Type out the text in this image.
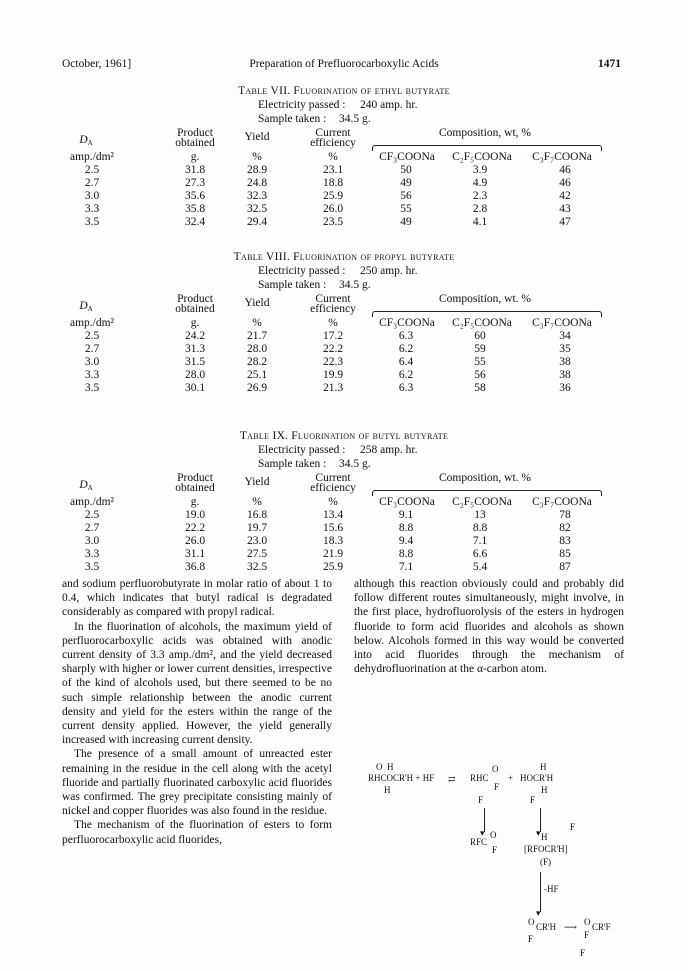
October, 1961]	Preparation of Prefluorocarboxylic Acids	1471
Table VII. Fluorination of ethyl butyrate
Electricity passed : 240 amp. hr.
Sample taken : 34.5 g.
$D_A$
Product
obtained	Yield	Current
efficiency
Composition, wt, %
amp./dm²	g.	%	%	CF₃COONa	C₂F₅COONa	C₃F₇COONa
2.5	31.8	28.9	23.1	50	3.9	46
2.7	27.3	24.8	18.8	49	4.9	46
3.0	35.6	32.3	25.9	56	2.3	42
3.3	35.8	32.5	26.0	55	2.8	43
3.5	32.4	29.4	23.5	49	4.1	47
Table VIII. Fluorination of propyl butyrate
Electricity passed : 250 amp. hr.
Sample taken : 34.5 g.
$D_A$
Product
obtained	Yield	Current
efficiency
Composition, wt. %
amp./dm²	g.	%	%	CF₃COONa	C₂F₅COONa	C₃F₇COONa
2.5	24.2	21.7	17.2	6.3	60	34
2.7	31.3	28.0	22.2	6.2	59	35
3.0	31.5	28.2	22.3	6.4	55	38
3.3	28.0	25.1	19.9	6.2	56	38
3.5	30.1	26.9	21.3	6.3	58	36
Table IX. Fluorination of butyl butyrate
Electricity passed : 258 amp. hr.
Sample taken : 34.5 g.
$D_A$
Product
obtained	Yield	Current
efficiency
Composition, wt. %
amp./dm²	g.	%	%	CF₃COONa	C₂F₅COONa	C₃F₇COONa
2.5	19.0	16.8	13.4	9.1	13	78
2.7	22.2	19.7	15.6	8.8	8.8	82
3.0	26.0	23.0	18.3	9.4	7.1	83
3.3	31.1	27.5	21.9	8.8	6.6	85
3.5	36.8	32.5	25.9	7.1	5.4	87

and sodium perfluorobutyrate in molar ratio of about 1 to 0.4, which indicates that butyl radical is degradated considerably as compared with propyl radical.

In the fluorination of alcohols, the maximum yield of perfluorocarboxylic acids was obtained with anodic current density of 3.3 amp./dm², and the yield decreased sharply with higher or lower current densities, irrespective of the kind of alcohols used, but there seemed to be no such simple relationship between the anodic current density and yield for the esters within the range of the current density applied. However, the yield generally increased with increasing current density.

The presence of a small amount of unreacted ester remaining in the residue in the cell along with the acetyl fluoride and partially fluorinated carboxylic acid fluorides was confirmed. The grey precipitate consisting mainly of nickel and copper fluorides was also found in the residue.

The mechanism of the fluorination of esters to form perfluorocarboxylic acid fluorides,

although this reaction obviously could and probably did follow different routes simultaneously, might involve, in the first place, hydrofluorolysis of the esters in hydrogen fluoride to form acid fluorides and alcohols as shown below. Alcohols formed in this way would be converted into acid fluorides through the mechanism of dehydrofluorination at the α-carbon atom.

O H
RHCOCR'H + HF
H
⇄ RHC
O
F
+ HOCR'H
H
H
F	F
▾	▾
RFC
O
F
H
F
[RFOCR'H]
(F)
-HF
▾
O CR'H
F
⟶ O CR'F
F
F
